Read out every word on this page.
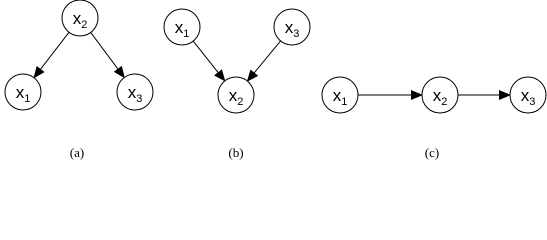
$x_2$
$x_1$	$x_3$
(a)
$x_1$	$x_3$
$x_2$
(b)
$x_1$	$x_2$	$x_3$
(c)
